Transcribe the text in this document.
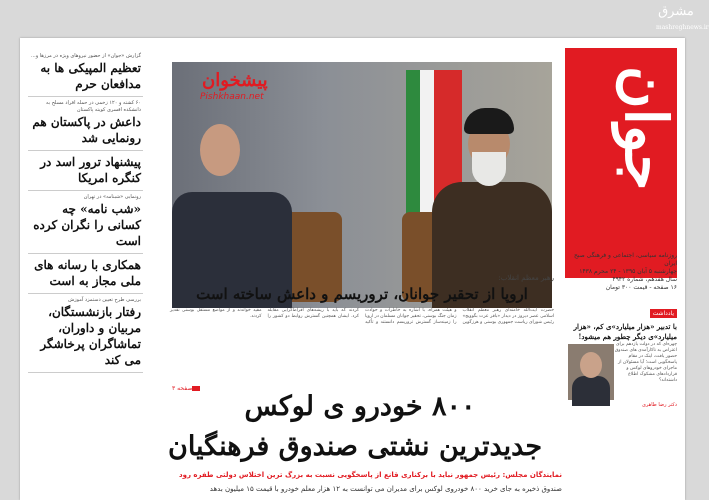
گزارش «جوان» از حضور نیروهای ویژه در مرزها و...
تعظیم المپیکی ها به مدافعان حرم
۶۰ کشته و ۱۲۰ زخمی در حمله افراد مسلح به دانشکده افسری کویته پاکستان
داعش در پاکستان هم رونمایی شد
پیشنهاد ترور اسد در کنگره امریکا
رونمایی «شبنامه» در تهران
«شب نامه» چه کسانی را نگران کرده است
همکاری با رسانه های ملی مجاز به است
بررسی طرح تعیین دستمزد آموزش
رفتار بازنشستگان، مربیان و داوران، تماشاگران پرخاشگر می کند
پیشخوان
Pishkhaan.net
رهبر معظم انقلاب:
اروپا از تحقیر جوانان، تروریسم و داعش ساخته است

حضرت آیت‌الله خامنه‌ای رهبر معظم انقلاب اسلامی عصر دیروز در دیدار «باقر عزت بگوویچ» رئیس شورای ریاست جمهوری بوسنی و هرزگوین و هیئت همراه، با اشاره به خاطرات و حوادث زمان جنگ بوسنی، تحقیر جوانان مسلمان در اروپا را زمینه‌ساز گسترش تروریسم دانستند و تأکید کردند که باید با ریشه‌های افراط‌گرایی مقابله کرد. ایشان همچنین گسترش روابط دو کشور را مفید خواندند و از مواضع مستقل بوسنی تقدیر کردند.

صفحه ۳
جوان
روزنامه سیاسی، اجتماعی و فرهنگی صبح ایران
چهارشنبه ۵ آبان ۱۳۹۵ - ۲۴ محرم ۱۴۳۸
سال هفدهم، شماره ۴۹۴۲
۱۶ صفحه - قیمت ۳۰۰ تومان
یادداشت
با تدبیر «هزار میلیارد»ی کم، «هزار میلیارد»ی دیگر چطور هم میشود!
چهره‌ای که در دولت یازدهم برای اعتراض به ناکارآمدی های صندوق حضور یافت، اینک در مقام پاسخگویی است؛ آیا مسئولان از ماجرای خودروهای لوکس و قراردادهای مشکوک اطلاع داشته‌اند؟
دکتر رضا طاهری
۸۰۰ خودرو ی لوکس
جدیدترین نشتی صندوق فرهنگیان
نمایندگان مجلس: رئیس جمهور نباید با برکناری قانع از پاسخگویی نسبت به بزرگ ترین اختلاس دولتی طفره رود
صندوق ذخیره به جای خرید ۸۰۰ خودروی لوکس برای مدیران می توانست به ۱۲ هزار معلم خودرو با قیمت ۱۵ میلیون بدهد
مشرق
mashreghnews.ir
